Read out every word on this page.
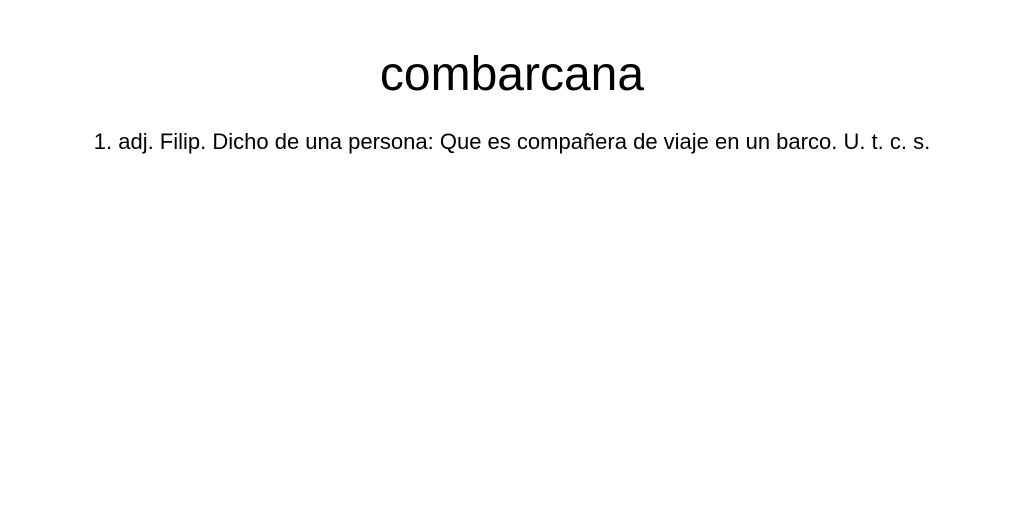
combarcana

1. adj. Filip. Dicho de una persona: Que es compañera de viaje en un barco. U. t. c. s.
